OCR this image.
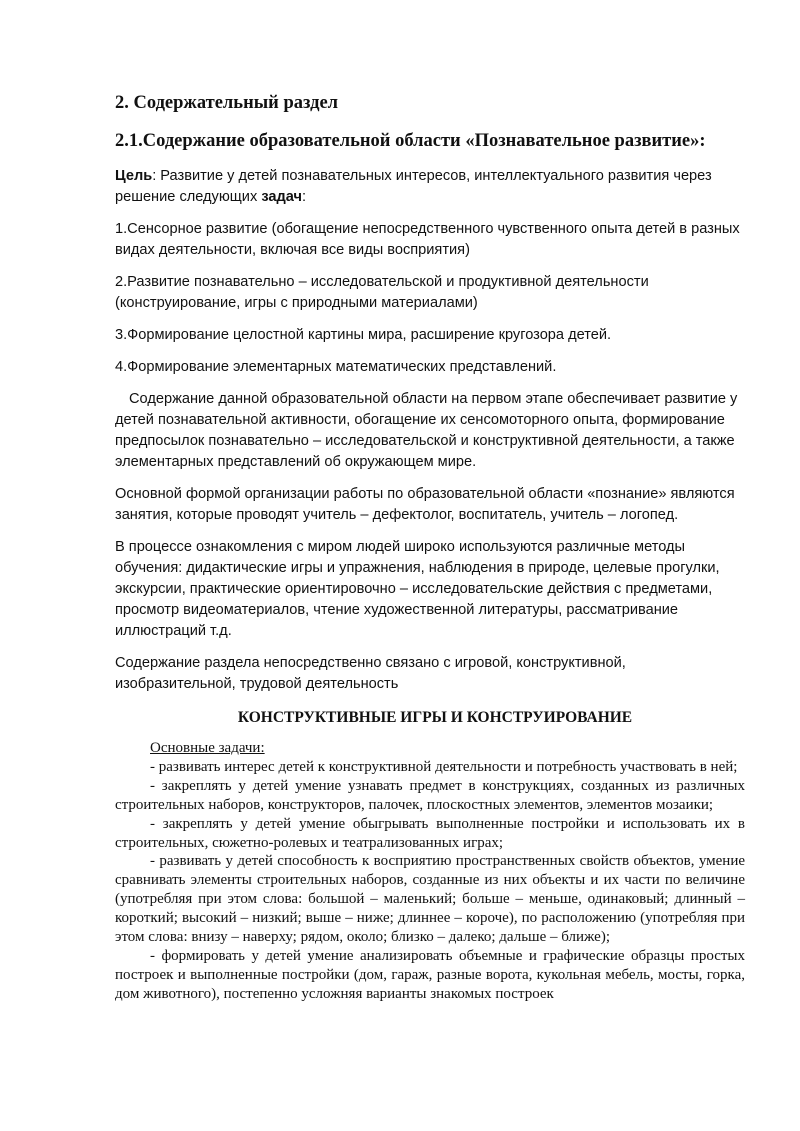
2. Содержательный раздел
2.1.Содержание образовательной области «Познавательное развитие»:

Цель: Развитие у детей познавательных интересов, интеллектуального развития через решение следующих задач:

1.Сенсорное развитие (обогащение непосредственного чувственного опыта детей в разных видах деятельности, включая все виды восприятия)

2.Развитие познавательно – исследовательской и продуктивной деятельности (конструирование, игры с природными материалами)

3.Формирование целостной картины мира, расширение кругозора детей.

4.Формирование элементарных математических представлений.

Содержание данной образовательной области на первом этапе обеспечивает развитие у детей познавательной активности, обогащение их сенсомоторного опыта, формирование предпосылок познавательно – исследовательской и конструктивной деятельности, а также элементарных представлений об окружающем мире.

Основной формой организации работы по образовательной области «познание» являются занятия, которые проводят учитель – дефектолог, воспитатель, учитель – логопед.

В процессе ознакомления с миром людей широко используются различные методы обучения: дидактические игры и упражнения, наблюдения в природе, целевые прогулки, экскурсии, практические ориентировочно – исследовательские действия с предметами, просмотр видеоматериалов, чтение художественной литературы, рассматривание иллюстраций т.д.

Содержание раздела непосредственно связано с игровой, конструктивной, изобразительной, трудовой деятельность

КОНСТРУКТИВНЫЕ ИГРЫ И КОНСТРУИРОВАНИЕ

Основные задачи:

- развивать интерес детей к конструктивной деятельности и потребность участвовать в ней;

- закреплять у детей умение узнавать предмет в конструкциях, созданных из различных строительных наборов, конструкторов, палочек, плоскостных элементов, элементов мозаики;

- закреплять у детей умение обыгрывать выполненные постройки и использовать их в строительных, сюжетно-ролевых и театрализованных играх;

- развивать у детей способность к восприятию пространственных свойств объектов, умение сравнивать элементы строительных наборов, созданные из них объекты и их части по величине (употребляя при этом слова: большой – маленький; больше – меньше, одинаковый; длинный – короткий; высокий – низкий; выше – ниже; длиннее – короче), по расположению (употребляя при этом слова: внизу – наверху; рядом, около; близко – далеко; дальше – ближе);

- формировать у детей умение анализировать объемные и графические образцы простых построек и выполненные постройки (дом, гараж, разные ворота, кукольная мебель, мосты, горка, дом животного), постепенно усложняя варианты знакомых построек
